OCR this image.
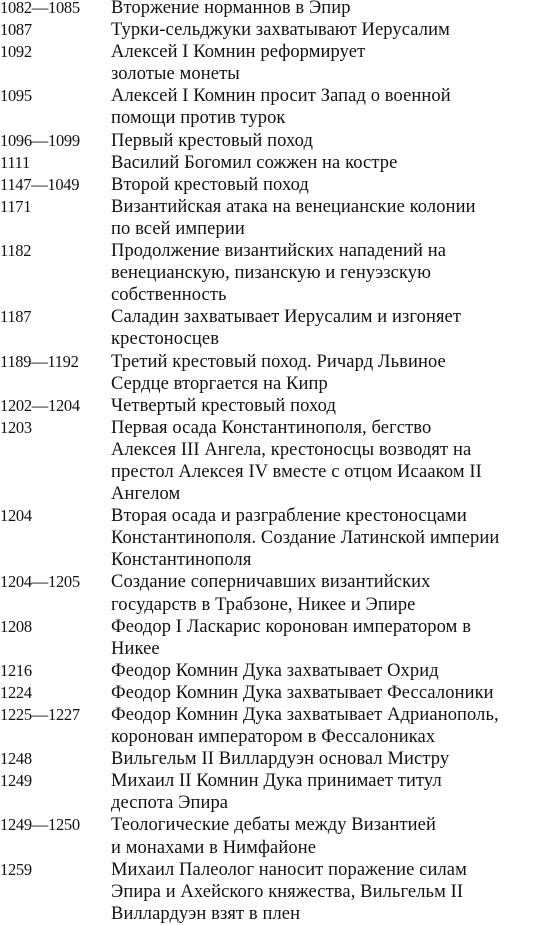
1082—1085	Вторжение норманнов в Эпир
1087	Турки-сельджуки захватывают Иерусалим
1092	Алексей I Комнин реформирует
золотые монеты
1095	Алексей I Комнин просит Запад о военной
помощи против турок
1096—1099	Первый крестовый поход
1111	Василий Богомил сожжен на костре
1147—1049	Второй крестовый поход
1171	Византийская атака на венецианские колонии
по всей империи
1182	Продолжение византийских нападений на
венецианскую, пизанскую и генуэзскую
собственность
1187	Саладин захватывает Иерусалим и изгоняет
крестоносцев
1189—1192	Третий крестовый поход. Ричард Львиное
Сердце вторгается на Кипр
1202—1204	Четвертый крестовый поход
1203	Первая осада Константинополя, бегство
Алексея III Ангела, крестоносцы возводят на
престол Алексея IV вместе с отцом Исааком II
Ангелом
1204	Вторая осада и разграбление крестоносцами
Константинополя. Создание Латинской империи
Константинополя
1204—1205	Создание соперничавших византийских
государств в Трабзоне, Никее и Эпире
1208	Феодор I Ласкарис коронован императором в
Никее
1216	Феодор Комнин Дука захватывает Охрид
1224	Феодор Комнин Дука захватывает Фессалоники
1225—1227	Феодор Комнин Дука захватывает Адрианополь,
коронован императором в Фессалониках
1248	Вильгельм II Виллардуэн основал Мистру
1249	Михаил II Комнин Дука принимает титул
деспота Эпира
1249—1250	Теологические дебаты между Византией
и монахами в Нимфайоне
1259	Михаил Палеолог наносит поражение силам
Эпира и Ахейского княжества, Вильгельм II
Виллардуэн взят в плен
